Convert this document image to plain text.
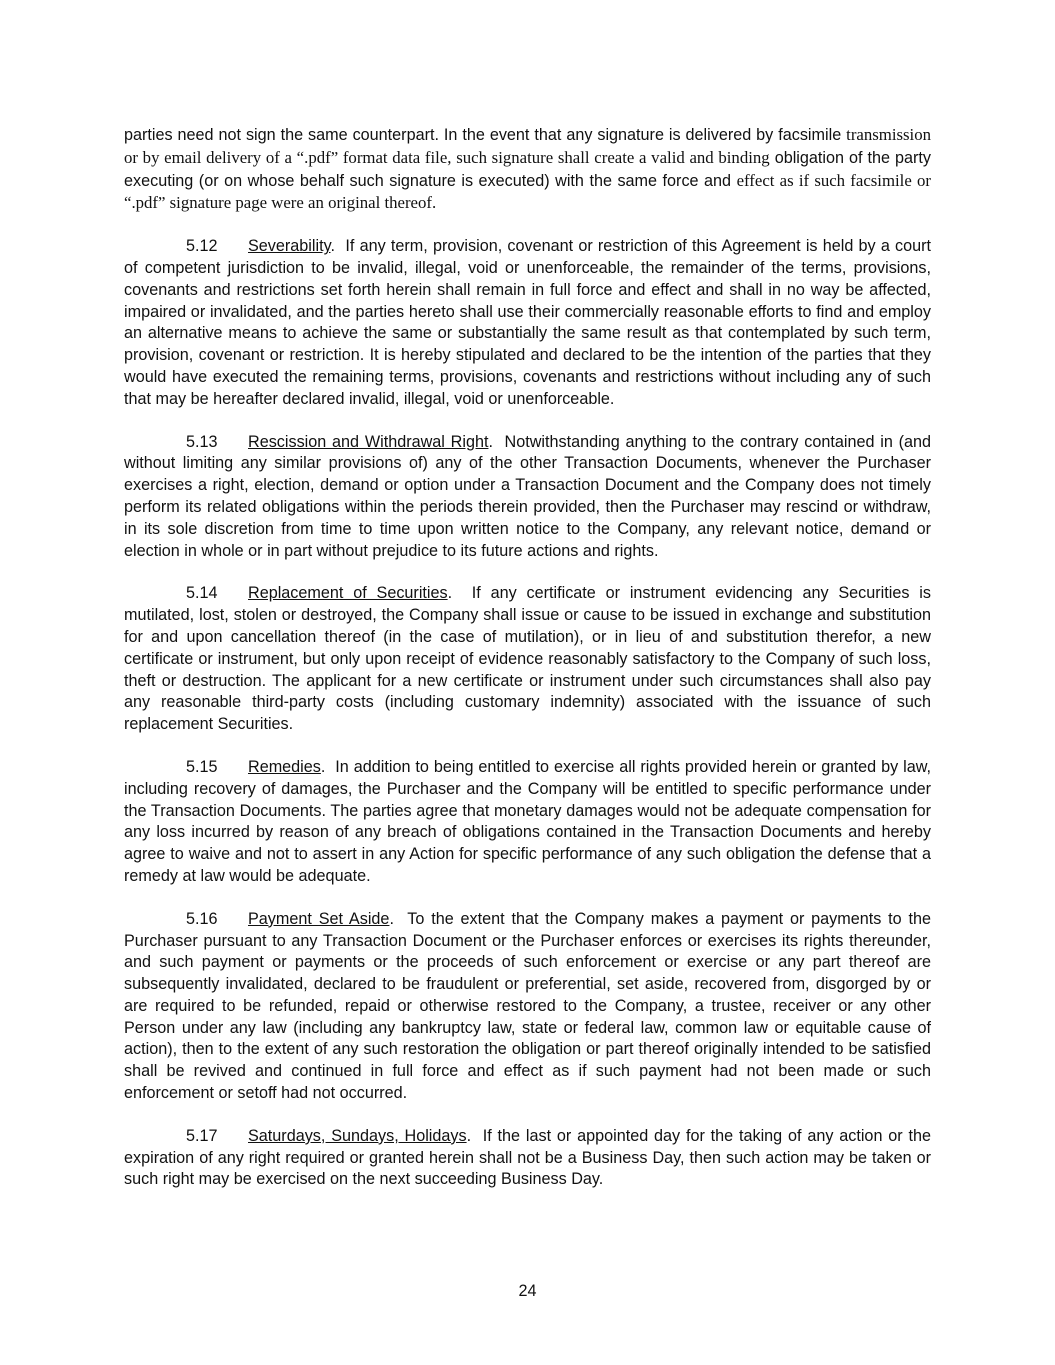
parties need not sign the same counterpart. In the event that any signature is delivered by facsimile transmission or by email delivery of a “.pdf” format data file, such signature shall create a valid and binding obligation of the party executing (or on whose behalf such signature is executed) with the same force and effect as if such facsimile or “.pdf” signature page were an original thereof.

5.12 Severability.  If any term, provision, covenant or restriction of this Agreement is held by a court of competent jurisdiction to be invalid, illegal, void or unenforceable, the remainder of the terms, provisions, covenants and restrictions set forth herein shall remain in full force and effect and shall in no way be affected, impaired or invalidated, and the parties hereto shall use their commercially reasonable efforts to find and employ an alternative means to achieve the same or substantially the same result as that contemplated by such term, provision, covenant or restriction. It is hereby stipulated and declared to be the intention of the parties that they would have executed the remaining terms, provisions, covenants and restrictions without including any of such that may be hereafter declared invalid, illegal, void or unenforceable.

5.13 Rescission and Withdrawal Right.  Notwithstanding anything to the contrary contained in (and without limiting any similar provisions of) any of the other Transaction Documents, whenever the Purchaser exercises a right, election, demand or option under a Transaction Document and the Company does not timely perform its related obligations within the periods therein provided, then the Purchaser may rescind or withdraw, in its sole discretion from time to time upon written notice to the Company, any relevant notice, demand or election in whole or in part without prejudice to its future actions and rights.

5.14 Replacement of Securities.  If any certificate or instrument evidencing any Securities is mutilated, lost, stolen or destroyed, the Company shall issue or cause to be issued in exchange and substitution for and upon cancellation thereof (in the case of mutilation), or in lieu of and substitution therefor, a new certificate or instrument, but only upon receipt of evidence reasonably satisfactory to the Company of such loss, theft or destruction. The applicant for a new certificate or instrument under such circumstances shall also pay any reasonable third-party costs (including customary indemnity) associated with the issuance of such replacement Securities.

5.15 Remedies.  In addition to being entitled to exercise all rights provided herein or granted by law, including recovery of damages, the Purchaser and the Company will be entitled to specific performance under the Transaction Documents. The parties agree that monetary damages would not be adequate compensation for any loss incurred by reason of any breach of obligations contained in the Transaction Documents and hereby agree to waive and not to assert in any Action for specific performance of any such obligation the defense that a remedy at law would be adequate.

5.16 Payment Set Aside.  To the extent that the Company makes a payment or payments to the Purchaser pursuant to any Transaction Document or the Purchaser enforces or exercises its rights thereunder, and such payment or payments or the proceeds of such enforcement or exercise or any part thereof are subsequently invalidated, declared to be fraudulent or preferential, set aside, recovered from, disgorged by or are required to be refunded, repaid or otherwise restored to the Company, a trustee, receiver or any other Person under any law (including any bankruptcy law, state or federal law, common law or equitable cause of action), then to the extent of any such restoration the obligation or part thereof originally intended to be satisfied shall be revived and continued in full force and effect as if such payment had not been made or such enforcement or setoff had not occurred.

5.17 Saturdays, Sundays, Holidays.  If the last or appointed day for the taking of any action or the expiration of any right required or granted herein shall not be a Business Day, then such action may be taken or such right may be exercised on the next succeeding Business Day.

24
